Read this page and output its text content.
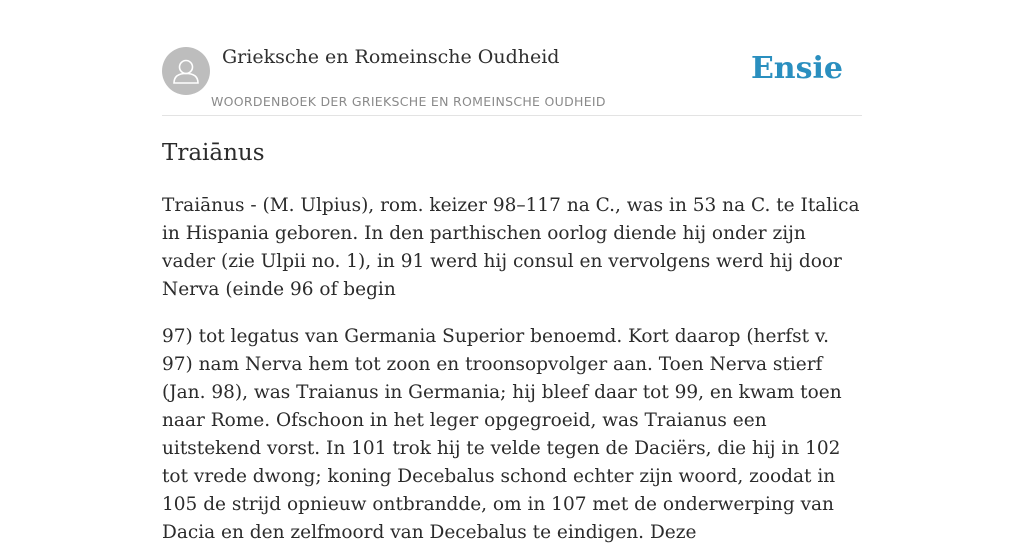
Grieksche en Romeinsche Oudheid
WOORDENBOEK DER GRIEKSCHE EN ROMEINSCHE OUDHEID
Ensie
Traiānus

Traiānus - (M. Ulpius), rom. keizer 98–117 na C., was in 53 na C. te Italica in Hispania geboren. In den parthischen oorlog diende hij onder zijn vader (zie Ulpii no. 1), in 91 werd hij consul en vervolgens werd hij door Nerva (einde 96 of begin

97) tot legatus van Germania Superior benoemd. Kort daarop (herfst v. 97) nam Nerva hem tot zoon en troonsopvolger aan. Toen Nerva stierf (Jan. 98), was Traianus in Germania; hij bleef daar tot 99, en kwam toen naar Rome. Ofschoon in het leger opgegroeid, was Traianus een uitstekend vorst. In 101 trok hij te velde tegen de Daciërs, die hij in 102 tot vrede dwong; koning Decebalus schond echter zijn woord, zoodat in 105 de strijd opnieuw ontbrandde, om in 107 met de onderwerping van Dacia en den zelfmoord van Decebalus te eindigen. Deze
